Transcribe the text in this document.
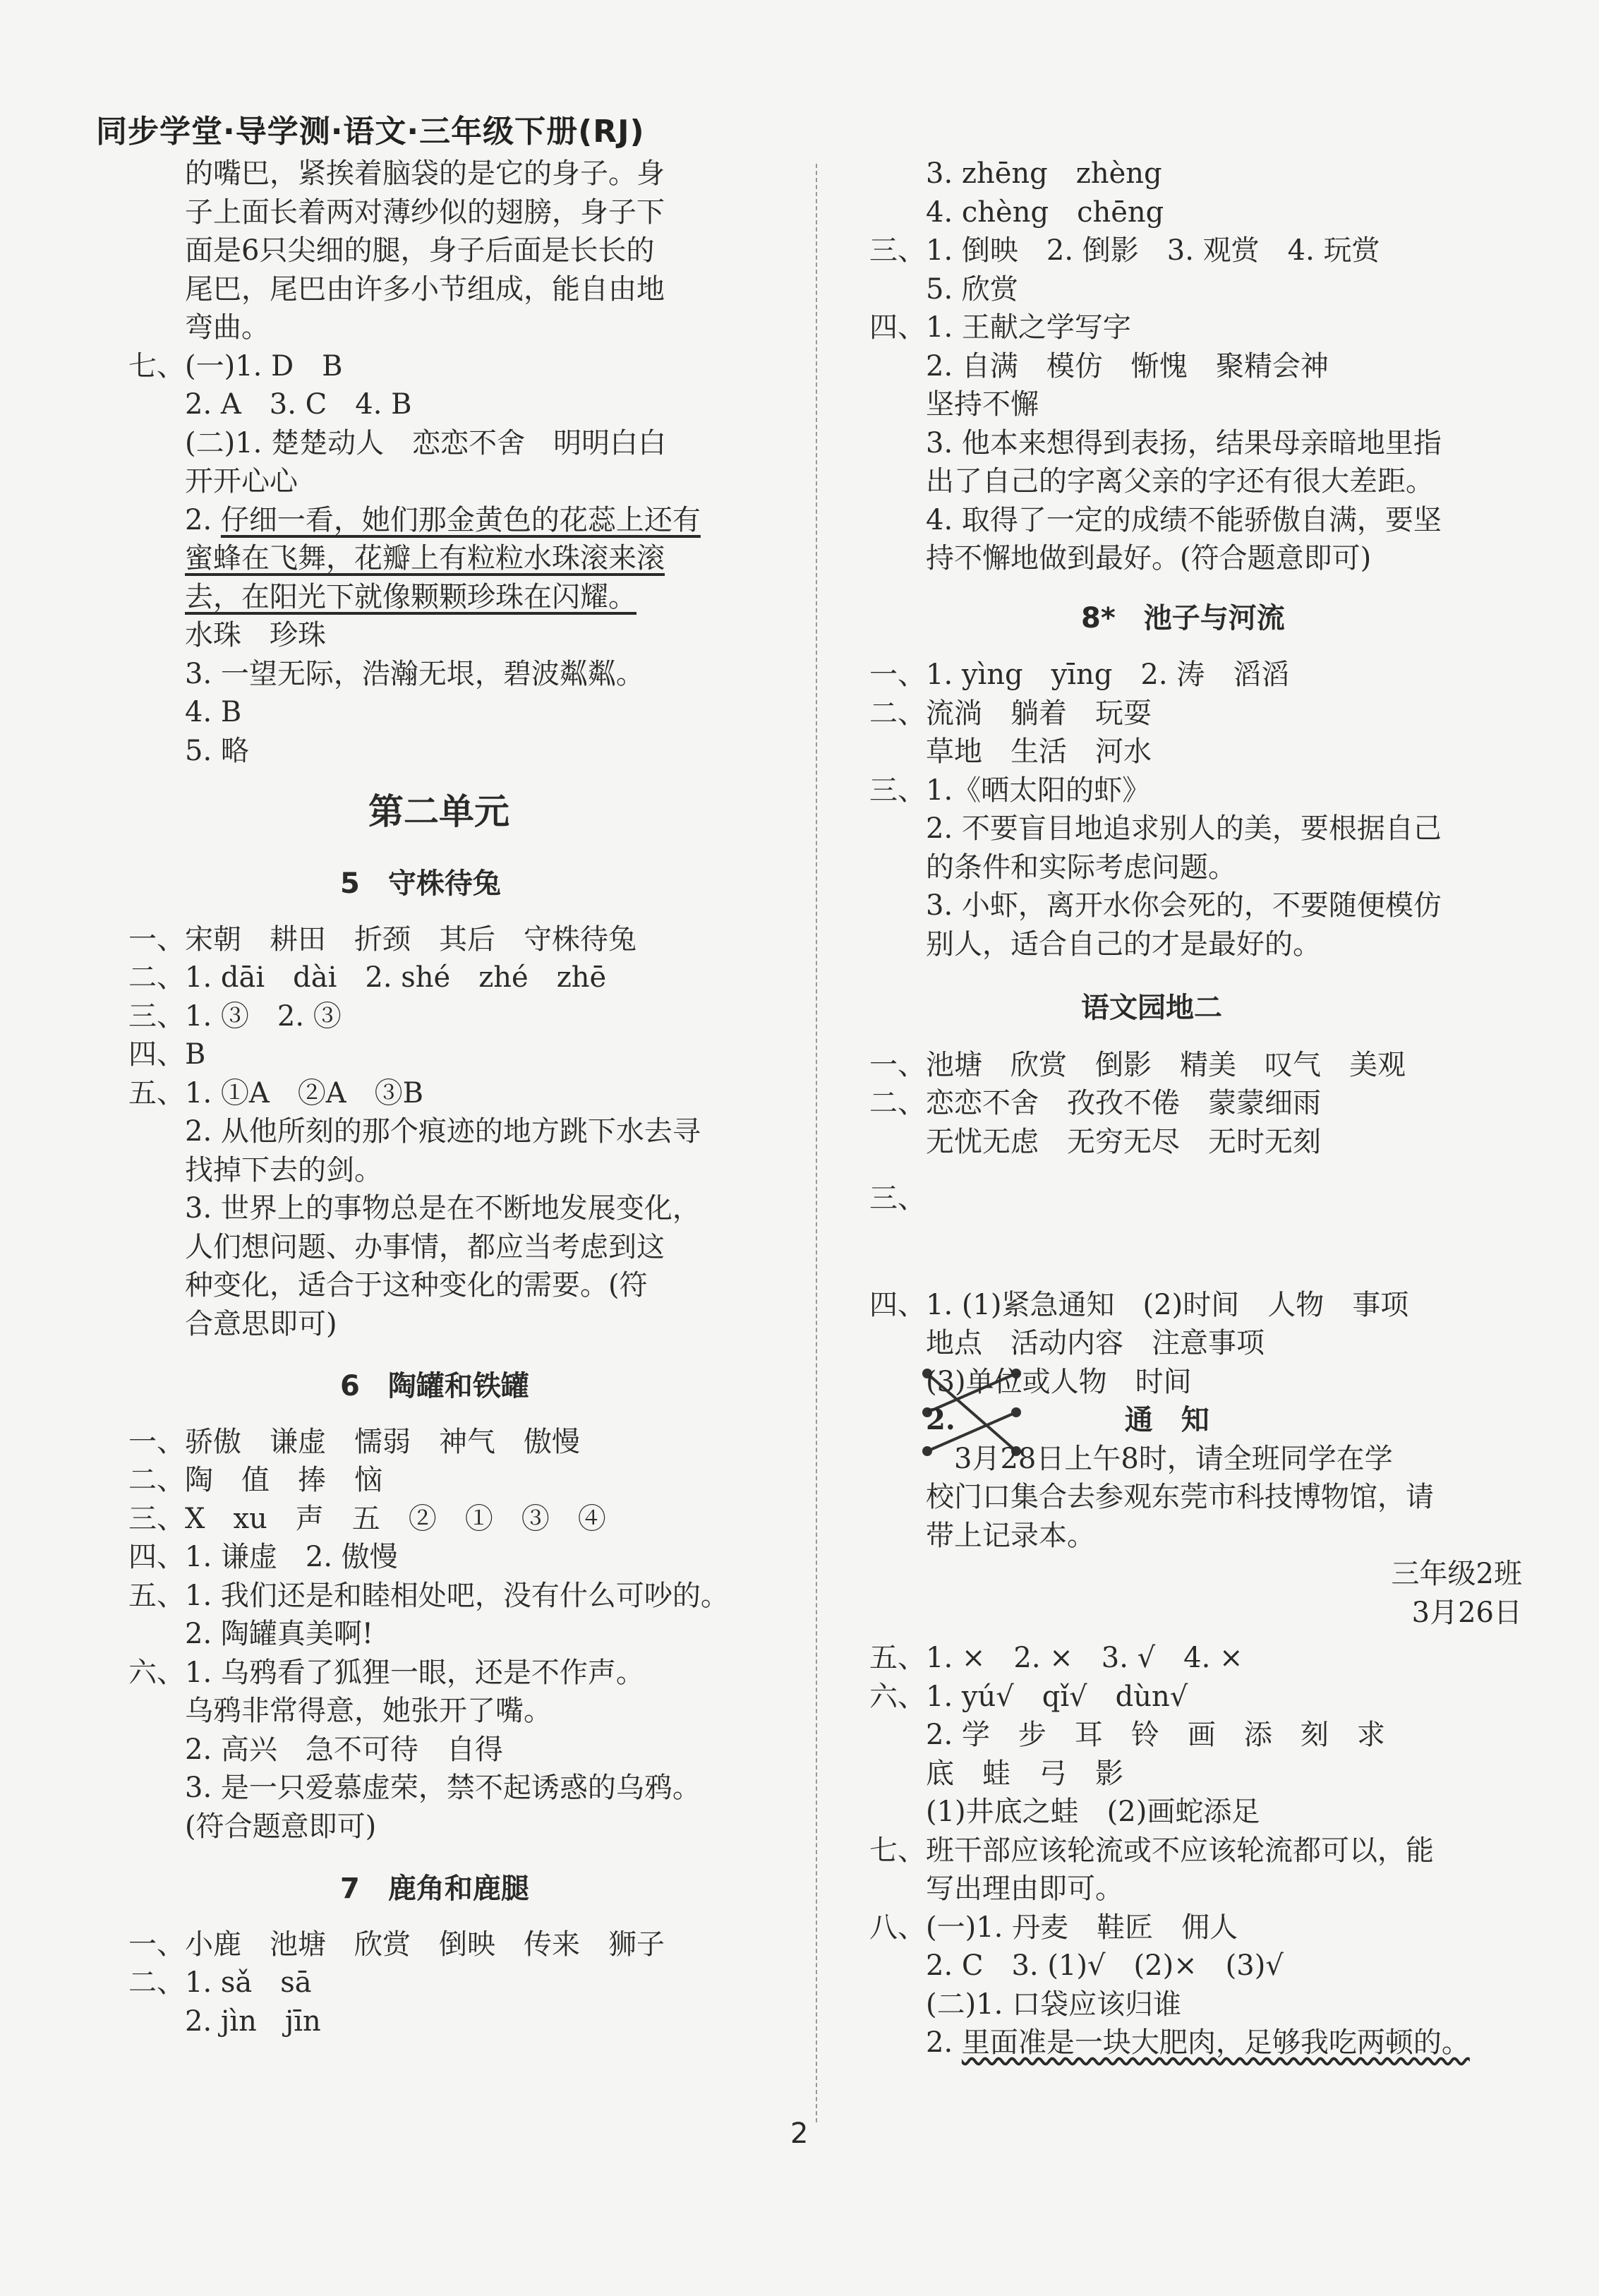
同步学堂·导学测·语文·三年级下册(RJ)
　　的嘴巴，紧挨着脑袋的是它的身子。身
　　子上面长着两对薄纱似的翅膀，身子下
　　面是6只尖细的腿，身子后面是长长的
　　尾巴，尾巴由许多小节组成，能自由地
　　弯曲。
七、(一)1. D　B
　　2. A　3. C　4. B
　　(二)1. 楚楚动人　恋恋不舍　明明白白
　　开开心心
　　2. 仔细一看，她们那金黄色的花蕊上还有
　　蜜蜂在飞舞，花瓣上有粒粒水珠滚来滚
　　去，在阳光下就像颗颗珍珠在闪耀。
　　水珠　珍珠
　　3. 一望无际，浩瀚无垠，碧波粼粼。
　　4. B
　　5. 略
第二单元
5　守株待兔
一、宋朝　耕田　折颈　其后　守株待兔
二、1. dāi　dài　2. shé　zhé　zhē
三、1. ③　2. ③
四、B
五、1. ①A　②A　③B
　　2. 从他所刻的那个痕迹的地方跳下水去寻
　　找掉下去的剑。
　　3. 世界上的事物总是在不断地发展变化，
　　人们想问题、办事情，都应当考虑到这
　　种变化，适合于这种变化的需要。(符
　　合意思即可)
6　陶罐和铁罐
一、骄傲　谦虚　懦弱　神气　傲慢
二、陶　值　捧　恼
三、X　xu　声　五　②　①　③　④
四、1. 谦虚　2. 傲慢
五、1. 我们还是和睦相处吧，没有什么可吵的。
　　2. 陶罐真美啊!
六、1. 乌鸦看了狐狸一眼，还是不作声。
　　乌鸦非常得意，她张开了嘴。
　　2. 高兴　急不可待　自得
　　3. 是一只爱慕虚荣，禁不起诱惑的乌鸦。
　　(符合题意即可)
7　鹿角和鹿腿
一、小鹿　池塘　欣赏　倒映　传来　狮子
二、1. sǎ　sā
　　2. jìn　jīn
　　3. zhēng　zhèng
　　4. chèng　chēng
三、1. 倒映　2. 倒影　3. 观赏　4. 玩赏
　　5. 欣赏
四、1. 王献之学写字
　　2. 自满　模仿　惭愧　聚精会神
　　坚持不懈
　　3. 他本来想得到表扬，结果母亲暗地里指
　　出了自己的字离父亲的字还有很大差距。
　　4. 取得了一定的成绩不能骄傲自满，要坚
　　持不懈地做到最好。(符合题意即可)
8*　池子与河流
一、1. yìng　yīng　2. 涛　滔滔
二、流淌　躺着　玩耍
　　草地　生活　河水
三、1.《晒太阳的虾》
　　2. 不要盲目地追求别人的美，要根据自己
　　的条件和实际考虑问题。
　　3. 小虾，离开水你会死的，不要随便模仿
　　别人，适合自己的才是最好的。
语文园地二
一、池塘　欣赏　倒影　精美　叹气　美观
二、恋恋不舍　孜孜不倦　蒙蒙细雨
　　无忧无虑　无穷无尽　无时无刻
三、
四、1. (1)紧急通知　(2)时间　人物　事项
　　地点　活动内容　注意事项
　　(3)单位或人物　时间
　　2.　　　　　　通　知
　　　3月28日上午8时，请全班同学在学
　　校门口集合去参观东莞市科技博物馆，请
　　带上记录本。
三年级2班
3月26日
五、1. ×　2. ×　3. √　4. ×
六、1. yú√　qǐ√　dùn√
　　2. 学　步　耳　铃　画　添　刻　求
　　底　蛙　弓　影
　　(1)井底之蛙　(2)画蛇添足
七、班干部应该轮流或不应该轮流都可以，能
　　写出理由即可。
八、(一)1. 丹麦　鞋匠　佣人
　　2. C　3. (1)√　(2)×　(3)√
　　(二)1. 口袋应该归谁
　　2. 里面准是一块大肥肉，足够我吃两顿的。
2
